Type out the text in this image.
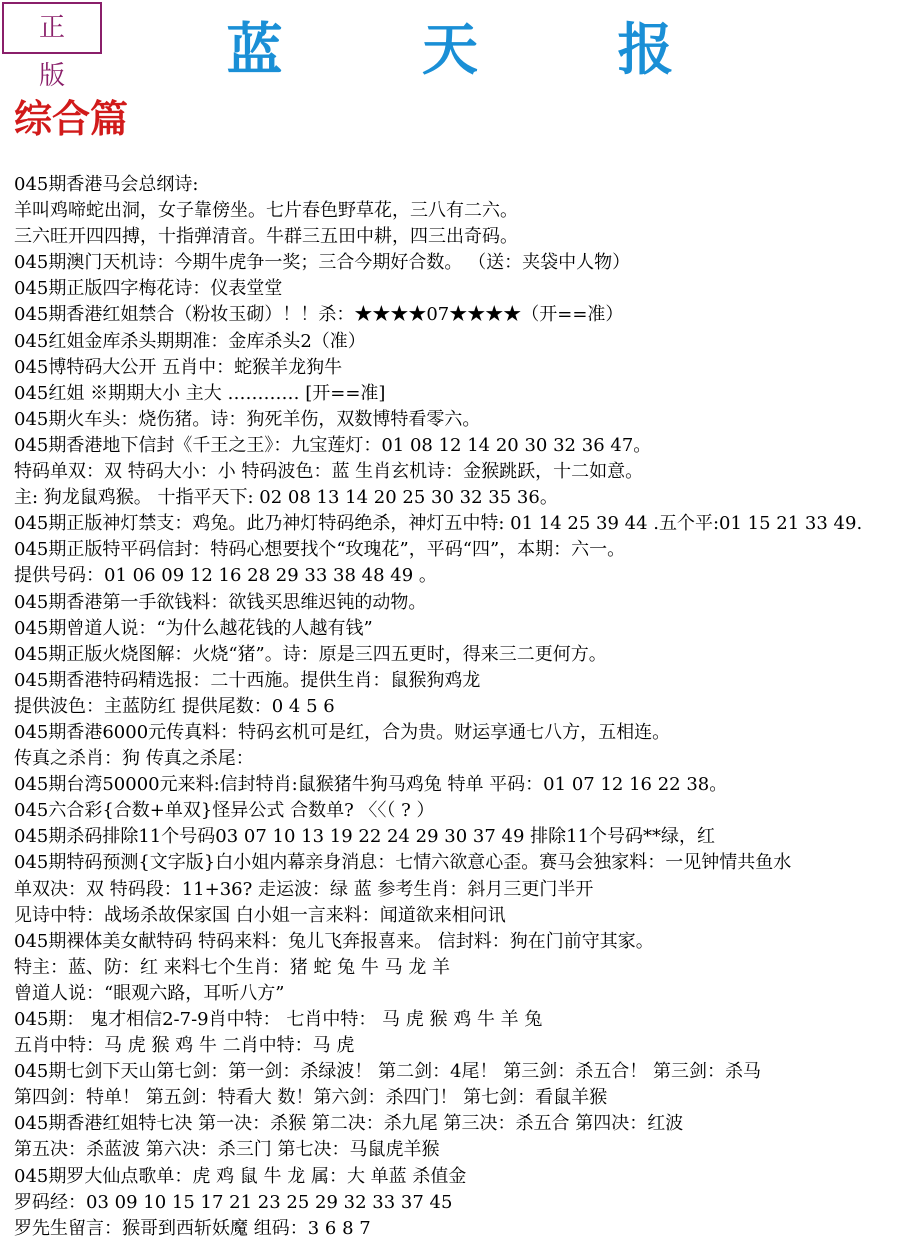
正 版	蓝 天 报
综合篇
045期香港马会总纲诗:
羊叫鸡啼蛇出洞，女子靠傍坐。七片春色野草花，三八有二六。
三六旺开四四搏，十指弹清音。牛群三五田中耕，四三出奇码。
045期澳门天机诗：今期牛虎争一奖；三合今期好合数。 （送：夹袋中人物）
045期正版四字梅花诗：仪表堂堂
045期香港红姐禁合（粉妆玉砌）！！杀：★★★★07★★★★（开==准）
045红姐金库杀头期期准：金库杀头2（准）
045博特码大公开 五肖中：蛇猴羊龙狗牛
045红姐 ※期期大小 主大 ………… [开==准]
045期火车头：烧伤猪。诗：狗死羊伤，双数博特看零六。
045期香港地下信封《千王之王》：九宝莲灯：01 08 12 14 20 30 32 36 47。
特码单双：双 特码大小：小 特码波色：蓝 生肖玄机诗：金猴跳跃，十二如意。
主: 狗龙鼠鸡猴。 十指平天下: 02 08 13 14 20 25 30 32 35 36。
045期正版神灯禁支：鸡兔。此乃神灯特码绝杀，神灯五中特: 01 14 25 39 44 .五个平:01 15 21 33 49.
045期正版特平码信封：特码心想要找个“玫瑰花”，平码“四”，本期：六一。
提供号码：01 06 09 12 16 28 29 33 38 48 49 。
045期香港第一手欲钱料：欲钱买思维迟钝的动物。
045期曾道人说：“为什么越花钱的人越有钱”
045期正版火烧图解：火烧“猪”。诗：原是三四五更时，得来三二更何方。
045期香港特码精选报：二十西施。提供生肖：鼠猴狗鸡龙
提供波色：主蓝防红 提供尾数：0 4 5 6
045期香港6000元传真料：特码玄机可是红，合为贵。财运享通七八方，五相连。
传真之杀肖：狗 传真之杀尾：
045期台湾50000元来料:信封特肖:鼠猴猪牛狗马鸡兔 特单 平码：01 07 12 16 22 38。
045六合彩{合数+单双}怪异公式 合数单? 〈〈（ ? ）
045期杀码排除11个号码03 07 10 13 19 22 24 29 30 37 49 排除11个号码**绿，红
045期特码预测{文字版}白小姐内幕亲身消息：七情六欲意心歪。赛马会独家料：一见钟情共鱼水
单双决：双 特码段：11+36? 走运波：绿 蓝 参考生肖：斜月三更门半开
见诗中特：战场杀故保家国 白小姐一言来料：闻道欲来相问讯
045期裸体美女献特码 特码来料：兔儿飞奔报喜来。 信封料：狗在门前守其家。
特主：蓝、防：红 来料七个生肖：猪 蛇 兔 牛 马 龙 羊
曾道人说：“眼观六路，耳听八方”
045期： 鬼才相信2-7-9肖中特： 七肖中特： 马 虎 猴 鸡 牛 羊 兔
五肖中特：马 虎 猴 鸡 牛 二肖中特：马 虎
045期七剑下天山第七剑：第一剑：杀绿波！ 第二剑：4尾！ 第三剑：杀五合！ 第三剑：杀马
第四剑：特单！ 第五剑：特看大 数！第六剑：杀四门！ 第七剑：看鼠羊猴
045期香港红姐特七决 第一决：杀猴 第二决：杀九尾 第三决：杀五合 第四决：红波
第五决：杀蓝波 第六决：杀三门 第七决：马鼠虎羊猴
045期罗大仙点歌单：虎 鸡 鼠 牛 龙 属：大 单蓝 杀值金
罗码经：03 09 10 15 17 21 23 25 29 32 33 37 45
罗先生留言：猴哥到西斩妖魔 组码：3 6 8 7
